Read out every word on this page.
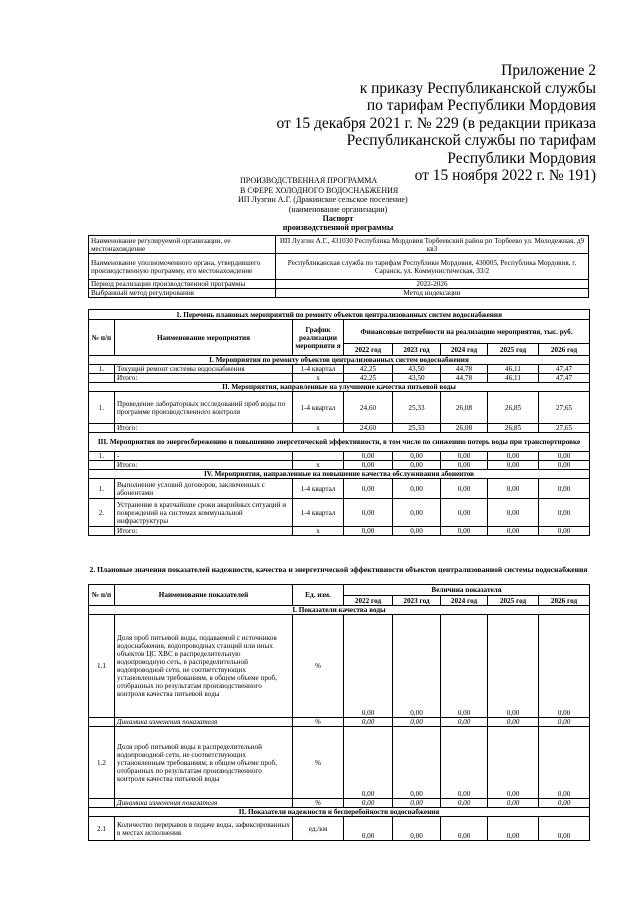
Приложение 2
к приказу Республиканской службы
по тарифам Республики Мордовия
от 15 декабря 2021 г. № 229 (в редакции приказа
Республиканской службы по тарифам
Республики Мордовия
от 15 ноября 2022 г. № 191)
ПРОИЗВОДСТВЕННАЯ ПРОГРАММА
В СФЕРЕ ХОЛОДНОГО ВОДОСНАБЖЕНИЯ
ИП Лузгин А.Г. (Дракинское сельское поселение)
(наименование организации)
Паспорт
производственной программы
Наименование регулируемой организации, ее местонахождение	ИП Лузгин А.Г., 431030 Республика Мордовия Торбеевский район рп Торбеево ул. Молодежная, д9 кв3
Наименование уполномоченного органа, утвердившего производственную программу, его местонахождение	Республиканская служба по тарифам Республики Мордовия, 430005, Республика Мордовия, г. Саранск, ул. Коммунистическая, 33/2
Период реализации производственной программы	2022-2026
Выбранный метод регулирования	Метод индексации
1. Перечень плановых мероприятий по ремонту объектов централизованных систем водоснабжения							
№ п/п	Наименование мероприятия	График реализации мероприяти я	Финансовые потребности на реализацию мероприятия, тыс. руб.				
			2022 год	2023 год	2024 год	2025 год	2026 год
I. Мероприятия по ремонту объектов централизованных систем водоснабжения							
1.	Текущий ремонт системы водоснабжения	1-4 квартал	42,25	43,50	44,78	46,11	47,47
	Итого:	х	42,25	43,50	44,78	46,11	47,47
II. Мероприятия, направленные на улучшение качества питьевой воды							
1.	Проведение лабораторных исследований проб воды по программе производственного контроля	1-4 квартал	24,60	25,33	26,08	26,85	27,65
	Итого:	х	24,60	25,33	26,08	26,85	27,65
III. Мероприятия по энергосбережению и повышению энергетической эффективности, в том числе по снижению потерь воды при транспортировке							
1.	-		0,00	0,00	0,00	0,00	0,00
	Итого:	х	0,00	0,00	0,00	0,00	0,00
IV. Мероприятия, направленные на повышение качества обслуживания абонентов							
1.	Выполнение условий договоров, заключенных с абонентами	1-4 квартал	0,00	0,00	0,00	0,00	0,00
2.	Устранение в кратчайшие сроки аварийных ситуаций и повреждений на системах коммунальной инфраструктуры	1-4 квартал	0,00	0,00	0,00	0,00	0,00
	Итого:	х	0,00	0,00	0,00	0,00	0,00
2. Плановые значения показателей надежности, качества и энергетической эффективности объектов централизованной системы водоснабжения
№ п/п	Наименование показателей	Ед. изм.	Величина показателя				
			2022 год	2023 год	2024 год	2025 год	2026 год
I. Показатели качества воды							
1.1	Доля проб питьевой воды, подаваемой с источников водоснабжения, водопроводных станций или иных объектов ЦС ХВС в распределительную водопроводную сеть, в распределительной водопроводной сети, не соответствующих установленным требованиям, в общем объеме проб, отобранных по результатам производственного контроля качества питьевой воды	%	0,00	0,00	0,00	0,00	0,00
	Динамика изменения показателя	%	0,00	0,00	0,00	0,00	0,00
1.2	Доля проб питьевой воды в распределительной водопроводной сети, не соответствующих установленным требованиям, в общем объеме проб, отобранных по результатам производственного контроля качества питьевой воды	%	0,00	0,00	0,00	0,00	0,00
	Динамика изменения показателя	%	0,00	0,00	0,00	0,00	0,00
II. Показатели надежности и бесперебойности водоснабжения							
2.1	Количество перерывов в подаче воды, зафиксированных в местах исполнения	ед./км	0,00	0,00	0,00	0,00	0,00
